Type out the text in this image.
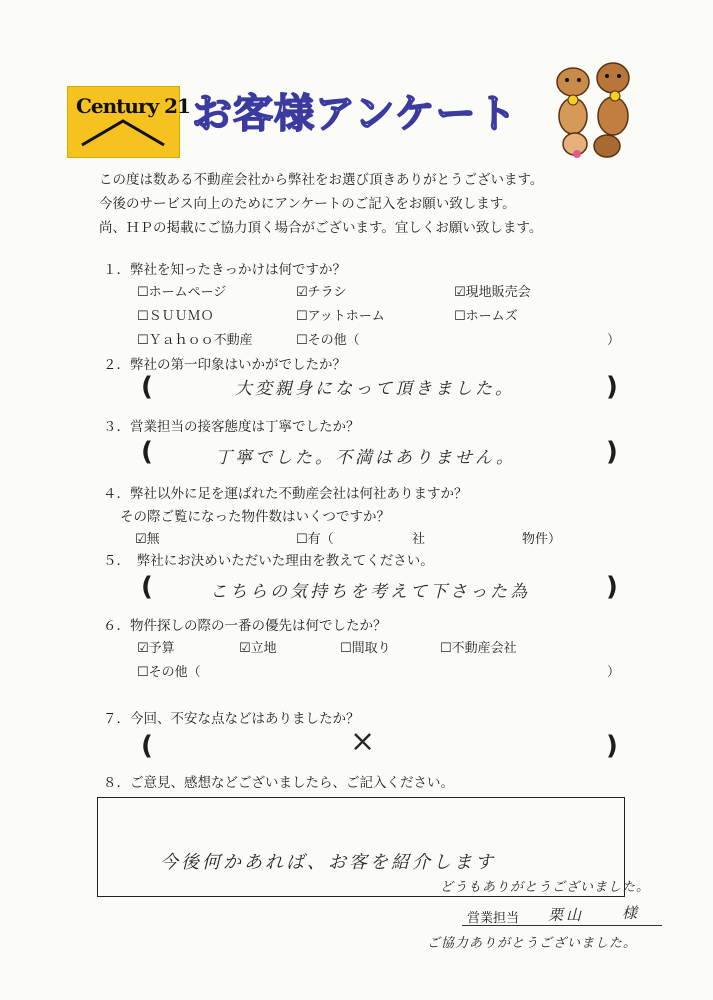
Century 21 お客様アンケート
この度は数ある不動産会社から弊社をお選び頂きありがとうございます。
今後のサービス向上のためにアンケートのご記入をお願い致します。
尚、ＨＰの掲載にご協力頂く場合がございます。宜しくお願い致します。
１．弊社を知ったきっかけは何ですか？
☐ホームページ	☑チラシ	☑現地販売会
☐ＳＵＵＭＯ	☐アットホーム	☐ホームズ
☐Ｙａｈｏｏ不動産	☐その他（	）
２．弊社の第一印象はいかがでしたか？
(	大変親身になって頂きました。	)
３．営業担当の接客態度は丁寧でしたか？
(	丁寧でした。不満はありません。	)
４．弊社以外に足を運ばれた不動産会社は何社ありますか？
その際ご覧になった物件数はいくつですか？
☑無	☐有（	社	物件）
５．　弊社にお決めいただいた理由を教えてください。
(	こちらの気持ちを考えて下さった為	)
６．物件探しの際の一番の優先は何でしたか？
☑予算	☑立地	☐間取り	☐不動産会社
☐その他（	）
７．今回、不安な点などはありましたか？
(	×	)
８．ご意見、感想などございましたら、ご記入ください。
今後何かあれば、お客を紹介します
どうもありがとうございました。
営業担当 栗山	様
ご協力ありがとうございました。
